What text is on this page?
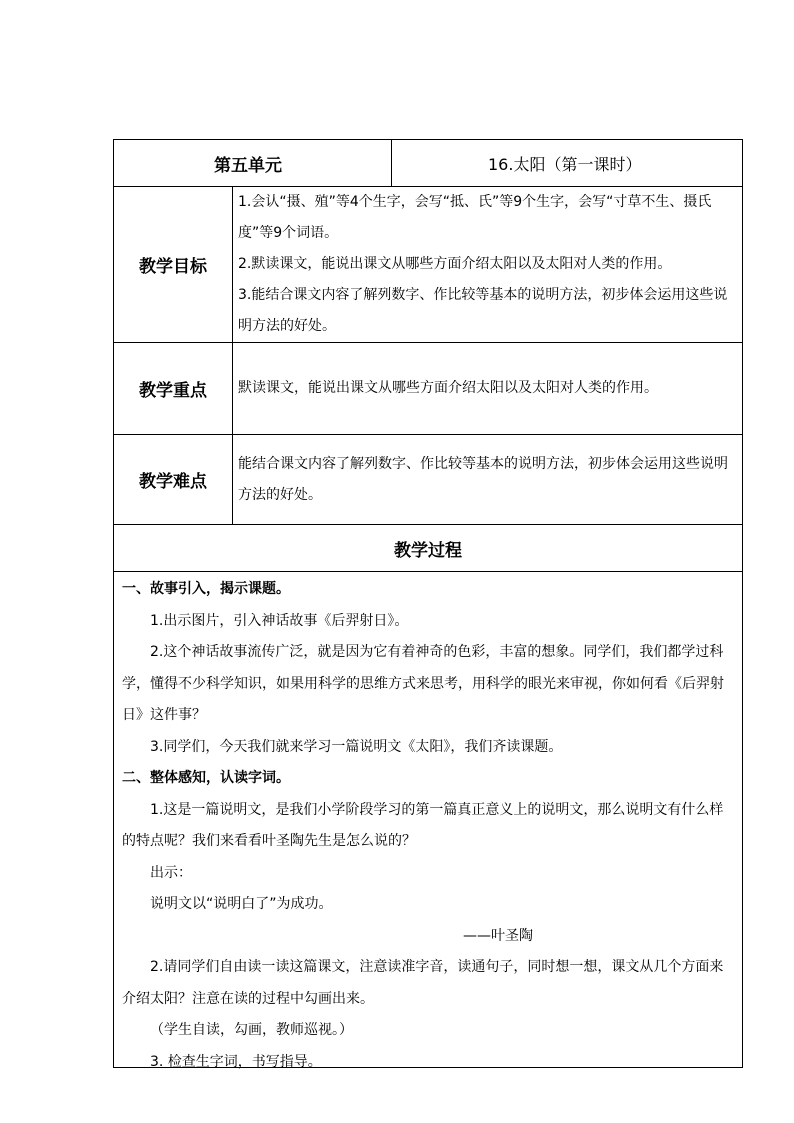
第五单元	16.太阳（第一课时）
教学目标
1.会认“摄、殖”等4个生字，会写“抵、氏”等9个生字，会写“寸草不生、摄氏度”等9个词语。
2.默读课文，能说出课文从哪些方面介绍太阳以及太阳对人类的作用。
3.能结合课文内容了解列数字、作比较等基本的说明方法，初步体会运用这些说明方法的好处。
教学重点	默读课文，能说出课文从哪些方面介绍太阳以及太阳对人类的作用。
教学难点
能结合课文内容了解列数字、作比较等基本的说明方法，初步体会运用这些说明方法的好处。
教学过程

一、故事引入，揭示课题。

1.出示图片，引入神话故事《后羿射日》。

2.这个神话故事流传广泛，就是因为它有着神奇的色彩，丰富的想象。同学们，我们都学过科学，懂得不少科学知识，如果用科学的思维方式来思考，用科学的眼光来审视，你如何看《后羿射日》这件事？

3.同学们，今天我们就来学习一篇说明文《太阳》，我们齐读课题。

二、整体感知，认读字词。

1.这是一篇说明文，是我们小学阶段学习的第一篇真正意义上的说明文，那么说明文有什么样的特点呢？我们来看看叶圣陶先生是怎么说的？

出示：

说明文以“说明白了”为成功。

——叶圣陶

2.请同学们自由读一读这篇课文，注意读准字音，读通句子，同时想一想，课文从几个方面来介绍太阳？注意在读的过程中勾画出来。

（学生自读，勾画，教师巡视。）

3. 检查生字词，书写指导。
